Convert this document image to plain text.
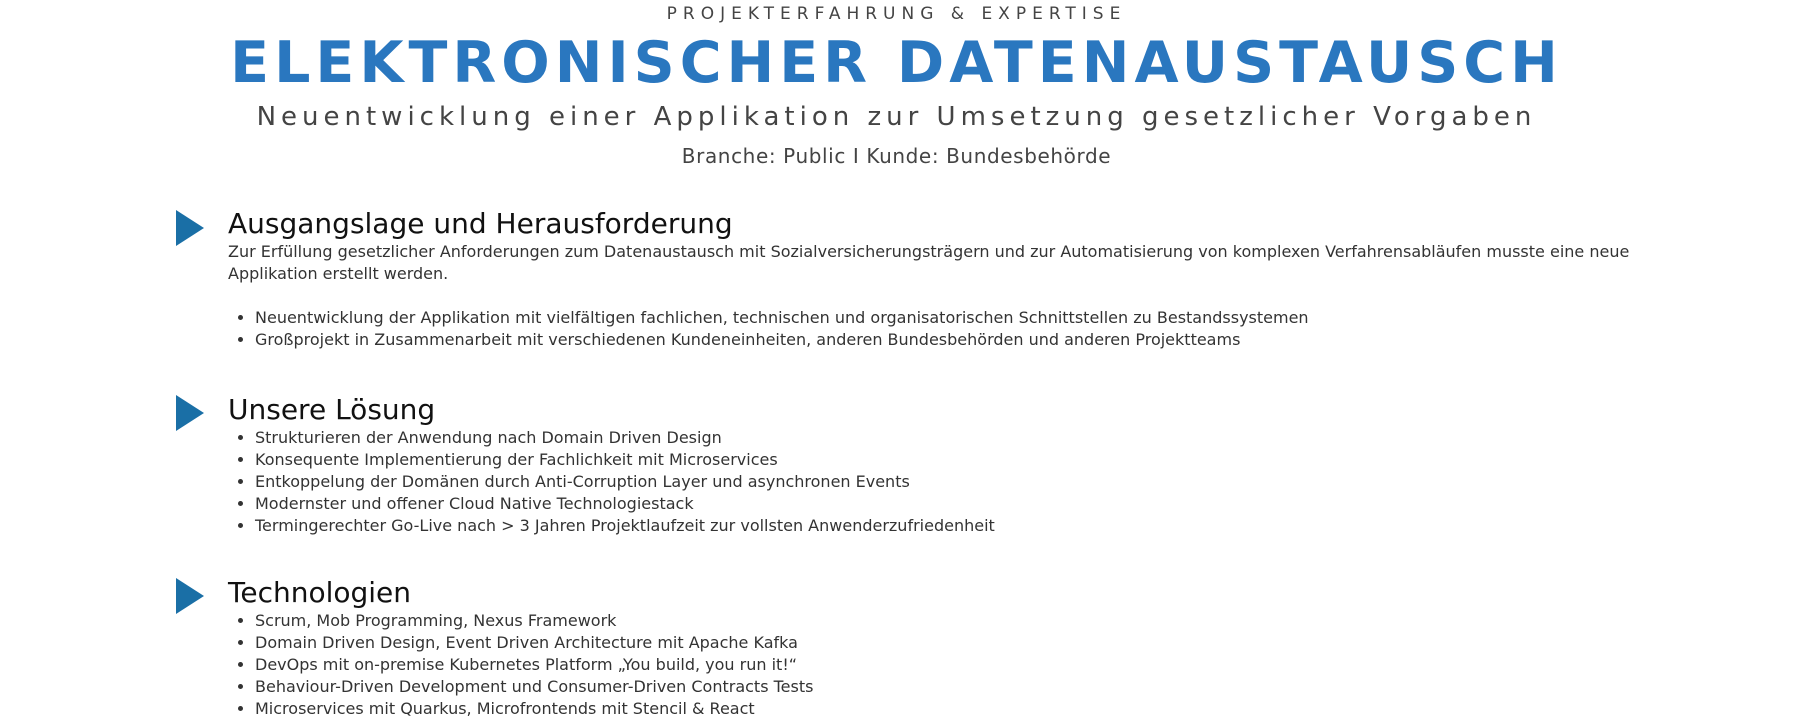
PROJEKTERFAHRUNG & EXPERTISE
ELEKTRONISCHER DATENAUSTAUSCH
Neuentwicklung einer Applikation zur Umsetzung gesetzlicher Vorgaben
Branche: Public I Kunde: Bundesbehörde
Ausgangslage und Herausforderung
Zur Erfüllung gesetzlicher Anforderungen zum Datenaustausch mit Sozialversicherungsträgern und zur Automatisierung von komplexen Verfahrensabläufen musste eine neue Applikation erstellt werden.
• Neuentwicklung der Applikation mit vielfältigen fachlichen, technischen und organisatorischen Schnittstellen zu Bestandssystemen
• Großprojekt in Zusammenarbeit mit verschiedenen Kundeneinheiten, anderen Bundesbehörden und anderen Projektteams
Unsere Lösung
• Strukturieren der Anwendung nach Domain Driven Design
• Konsequente Implementierung der Fachlichkeit mit Microservices
• Entkoppelung der Domänen durch Anti-Corruption Layer und asynchronen Events
• Modernster und offener Cloud Native Technologiestack
• Termingerechter Go-Live nach > 3 Jahren Projektlaufzeit zur vollsten Anwenderzufriedenheit
Technologien
• Scrum, Mob Programming, Nexus Framework
• Domain Driven Design, Event Driven Architecture mit Apache Kafka
• DevOps mit on-premise Kubernetes Platform „You build, you run it!“
• Behaviour-Driven Development und Consumer-Driven Contracts Tests
• Microservices mit Quarkus, Microfrontends mit Stencil & React
